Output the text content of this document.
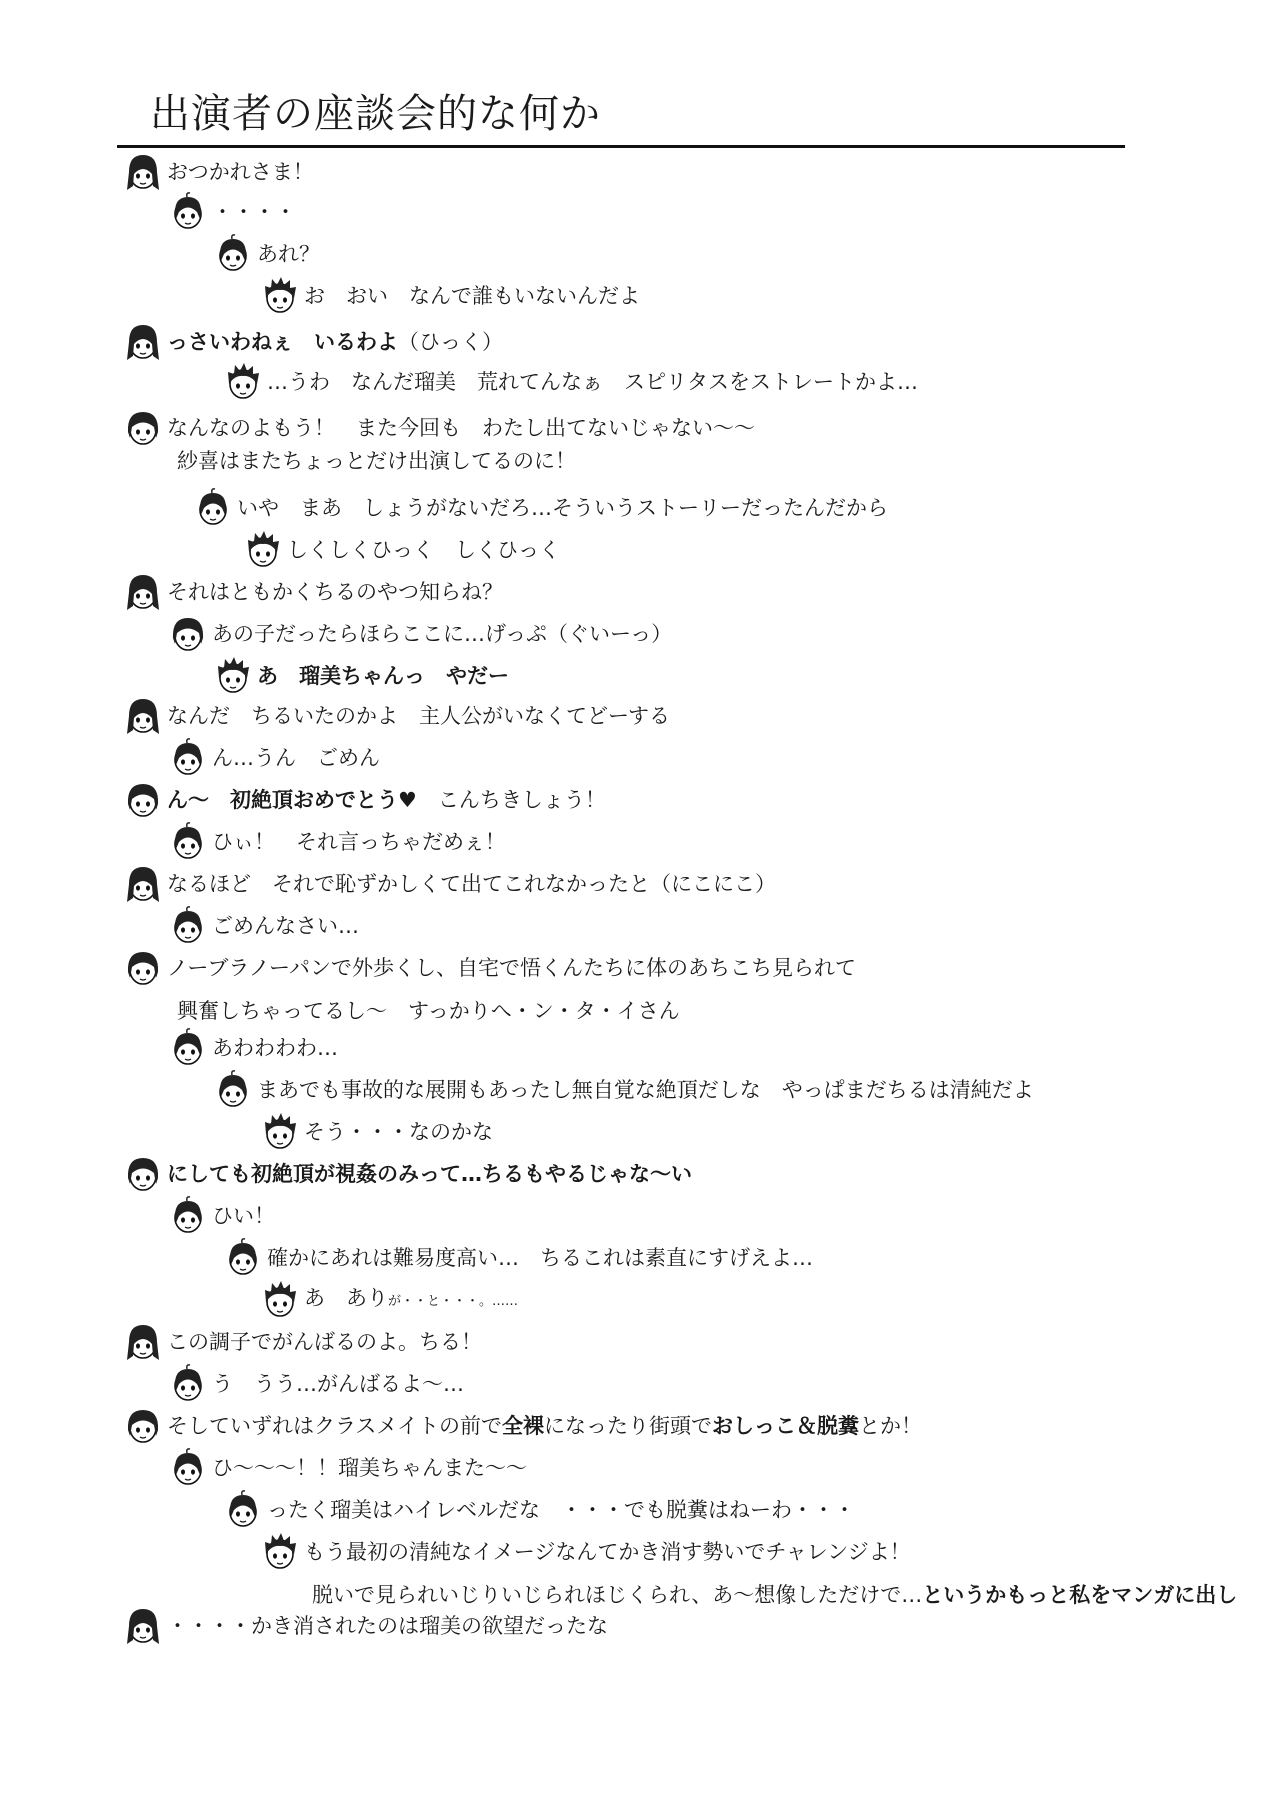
出演者の座談会的な何か
おつかれさま！
・・・・
あれ？
お　おい　なんで誰もいないんだよ
っさいわねぇ　いるわよ（ひっく）
…うわ　なんだ瑠美　荒れてんなぁ　スピリタスをストレートかよ…
なんなのよもう！　また今回も　わたし出てないじゃない～～
紗喜はまたちょっとだけ出演してるのに！
いや　まあ　しょうがないだろ…そういうストーリーだったんだから
しくしくひっく　しくひっく
それはともかくちるのやつ知らね？
あの子だったらほらここに…げっぷ（ぐいーっ）
あ　瑠美ちゃんっ　やだー
なんだ　ちるいたのかよ　主人公がいなくてどーする
ん…うん　ごめん
ん～　初絶頂おめでとう♥　こんちきしょう！
ひぃ！　それ言っちゃだめぇ！
なるほど　それで恥ずかしくて出てこれなかったと（にこにこ）
ごめんなさい…
ノーブラノーパンで外歩くし、自宅で悟くんたちに体のあちこち見られて
興奮しちゃってるし～　すっかりへ・ン・タ・イさん
あわわわわ…
まあでも事故的な展開もあったし無自覚な絶頂だしな　やっぱまだちるは清純だよ
そう・・・なのかな
にしても初絶頂が視姦のみって…ちるもやるじゃな～い
ひい！
確かにあれは難易度高い…　ちるこれは素直にすげえよ…
あ　ありが・・と・・・。……
この調子でがんばるのよ。ちる！
う　うう…がんばるよ～…
そしていずれはクラスメイトの前で全裸になったり街頭でおしっこ＆脱糞とか！
ひ～～～！！瑠美ちゃんまた～～
ったく瑠美はハイレベルだな　・・・でも脱糞はねーわ・・・
もう最初の清純なイメージなんてかき消す勢いでチャレンジよ！
脱いで見られいじりいじられほじくられ、あ～想像しただけで…というかもっと私をマンガに出し
・・・・かき消されたのは瑠美の欲望だったな
